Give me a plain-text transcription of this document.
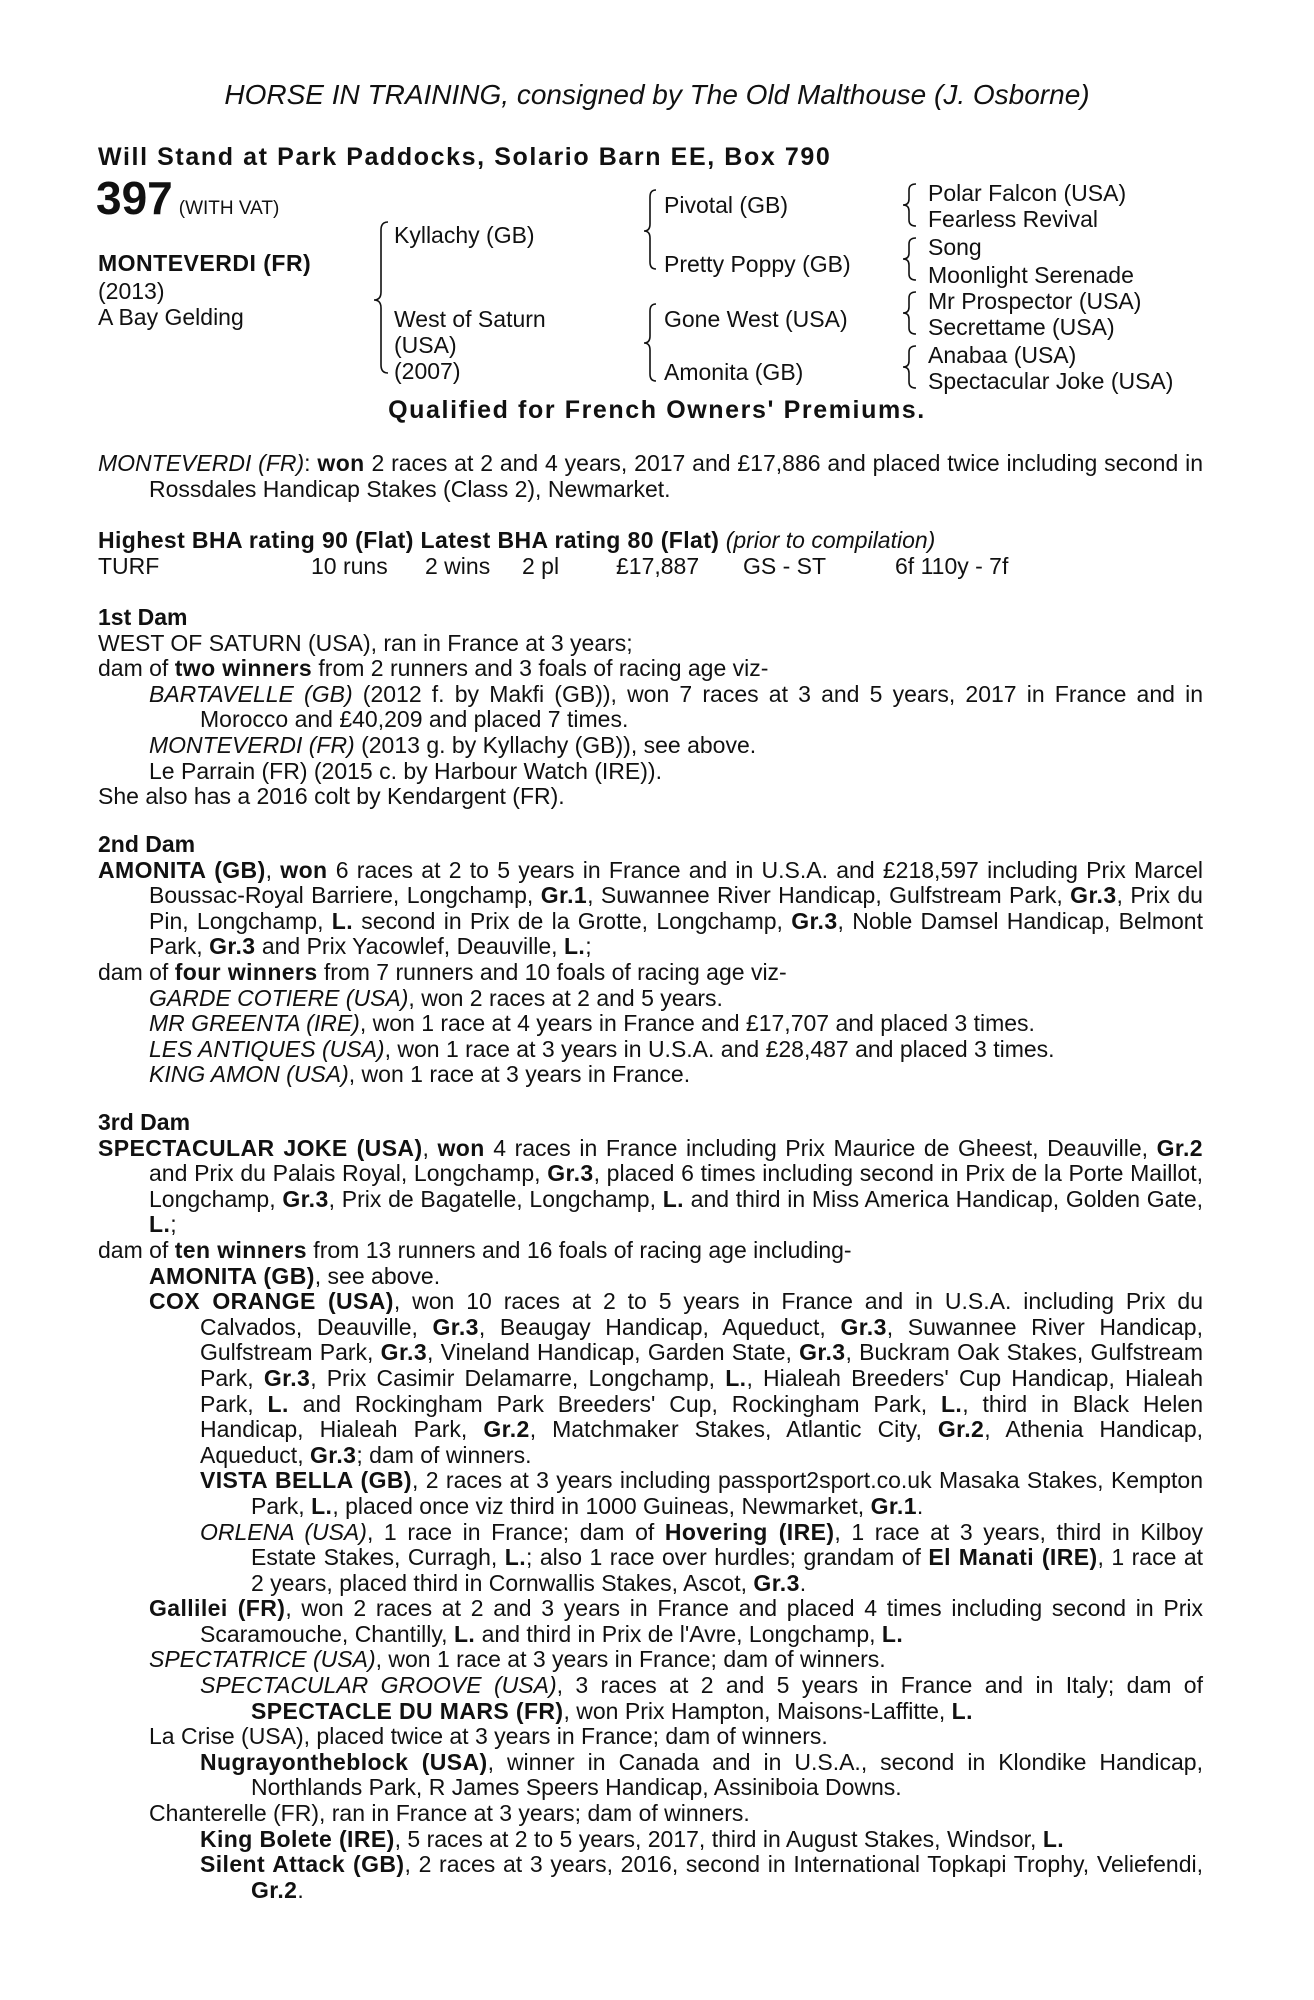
HORSE IN TRAINING, consigned by The Old Malthouse (J. Osborne)
Will Stand at Park Paddocks, Solario Barn EE, Box 790
397 (WITH VAT)
MONTEVERDI (FR)
(2013)
A Bay Gelding
Kyllachy (GB)
West of Saturn
(USA)
(2007)
Pivotal (GB)
Pretty Poppy (GB)
Gone West (USA)
Amonita (GB)
Polar Falcon (USA)
Fearless Revival
Song
Moonlight Serenade
Mr Prospector (USA)
Secrettame (USA)
Anabaa (USA)
Spectacular Joke (USA)
Qualified for French Owners' Premiums.

MONTEVERDI (FR): won 2 races at 2 and 4 years, 2017 and £17,886 and placed twice including second in Rossdales Handicap Stakes (Class 2), Newmarket.

Highest BHA rating 90 (Flat) Latest BHA rating 80 (Flat) (prior to compilation)
TURF	10 runs 2 wins 2 pl £17,887 GS - ST	6f 110y - 7f

1st Dam

WEST OF SATURN (USA), ran in France at 3 years;

dam of two winners from 2 runners and 3 foals of racing age viz-

BARTAVELLE (GB) (2012 f. by Makfi (GB)), won 7 races at 3 and 5 years, 2017 in France and in Morocco and £40,209 and placed 7 times.

MONTEVERDI (FR) (2013 g. by Kyllachy (GB)), see above.

Le Parrain (FR) (2015 c. by Harbour Watch (IRE)).

She also has a 2016 colt by Kendargent (FR).

2nd Dam

AMONITA (GB), won 6 races at 2 to 5 years in France and in U.S.A. and £218,597 including Prix Marcel Boussac-Royal Barriere, Longchamp, Gr.1, Suwannee River Handicap, Gulfstream Park, Gr.3, Prix du Pin, Longchamp, L. second in Prix de la Grotte, Longchamp, Gr.3, Noble Damsel Handicap, Belmont Park, Gr.3 and Prix Yacowlef, Deauville, L.;

dam of four winners from 7 runners and 10 foals of racing age viz-

GARDE COTIERE (USA), won 2 races at 2 and 5 years.

MR GREENTA (IRE), won 1 race at 4 years in France and £17,707 and placed 3 times.

LES ANTIQUES (USA), won 1 race at 3 years in U.S.A. and £28,487 and placed 3 times.

KING AMON (USA), won 1 race at 3 years in France.

3rd Dam

SPECTACULAR JOKE (USA), won 4 races in France including Prix Maurice de Gheest, Deauville, Gr.2 and Prix du Palais Royal, Longchamp, Gr.3, placed 6 times including second in Prix de la Porte Maillot, Longchamp, Gr.3, Prix de Bagatelle, Longchamp, L. and third in Miss America Handicap, Golden Gate, L.;

dam of ten winners from 13 runners and 16 foals of racing age including-

AMONITA (GB), see above.

COX ORANGE (USA), won 10 races at 2 to 5 years in France and in U.S.A. including Prix du Calvados, Deauville, Gr.3, Beaugay Handicap, Aqueduct, Gr.3, Suwannee River Handicap, Gulfstream Park, Gr.3, Vineland Handicap, Garden State, Gr.3, Buckram Oak Stakes, Gulfstream Park, Gr.3, Prix Casimir Delamarre, Longchamp, L., Hialeah Breeders' Cup Handicap, Hialeah Park, L. and Rockingham Park Breeders' Cup, Rockingham Park, L., third in Black Helen Handicap, Hialeah Park, Gr.2, Matchmaker Stakes, Atlantic City, Gr.2, Athenia Handicap, Aqueduct, Gr.3; dam of winners.

VISTA BELLA (GB), 2 races at 3 years including passport2sport.co.uk Masaka Stakes, Kempton Park, L., placed once viz third in 1000 Guineas, Newmarket, Gr.1.

ORLENA (USA), 1 race in France; dam of Hovering (IRE), 1 race at 3 years, third in Kilboy Estate Stakes, Curragh, L.; also 1 race over hurdles; grandam of El Manati (IRE), 1 race at 2 years, placed third in Cornwallis Stakes, Ascot, Gr.3.

Gallilei (FR), won 2 races at 2 and 3 years in France and placed 4 times including second in Prix Scaramouche, Chantilly, L. and third in Prix de l'Avre, Longchamp, L.

SPECTATRICE (USA), won 1 race at 3 years in France; dam of winners.

SPECTACULAR GROOVE (USA), 3 races at 2 and 5 years in France and in Italy; dam of SPECTACLE DU MARS (FR), won Prix Hampton, Maisons-Laffitte, L.

La Crise (USA), placed twice at 3 years in France; dam of winners.

Nugrayontheblock (USA), winner in Canada and in U.S.A., second in Klondike Handicap, Northlands Park, R James Speers Handicap, Assiniboia Downs.

Chanterelle (FR), ran in France at 3 years; dam of winners.

King Bolete (IRE), 5 races at 2 to 5 years, 2017, third in August Stakes, Windsor, L.

Silent Attack (GB), 2 races at 3 years, 2016, second in International Topkapi Trophy, Veliefendi, Gr.2.
